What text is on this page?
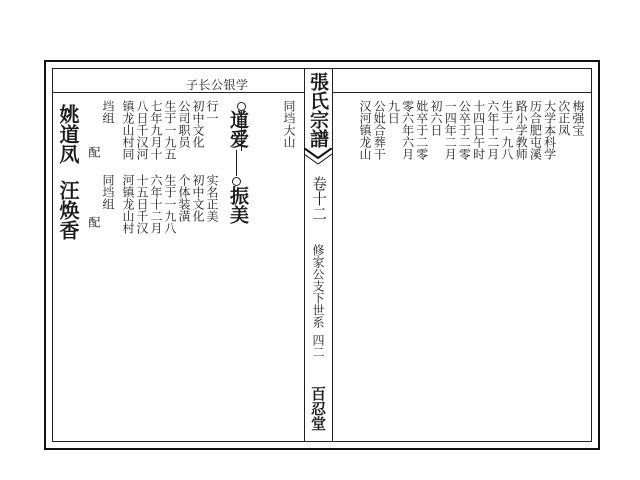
張氏宗譜
卷十二
修家公支下世系
四二
百忍堂
子长公银学
同垱大山
道爱
振美
行一
初中文化
公司职员
生于一九五
七年九月十
八日千汉河
镇龙山村同
垱组
实名正美
初中文化
个体装潢
生于一九八
六年十二月
十五日千汉
河镇龙山村
同垱组
姚道凤 配
汪焕香 配
梅强宝
次正凤
大学本科学
历合肥屯溪
路小学教师
生于一九八
六年十二月
十四日午时
公卒于二零
一四年二月
初六日
妣卒于二零
零六年六月
九日
公妣合葬干
汉河镇龙山
